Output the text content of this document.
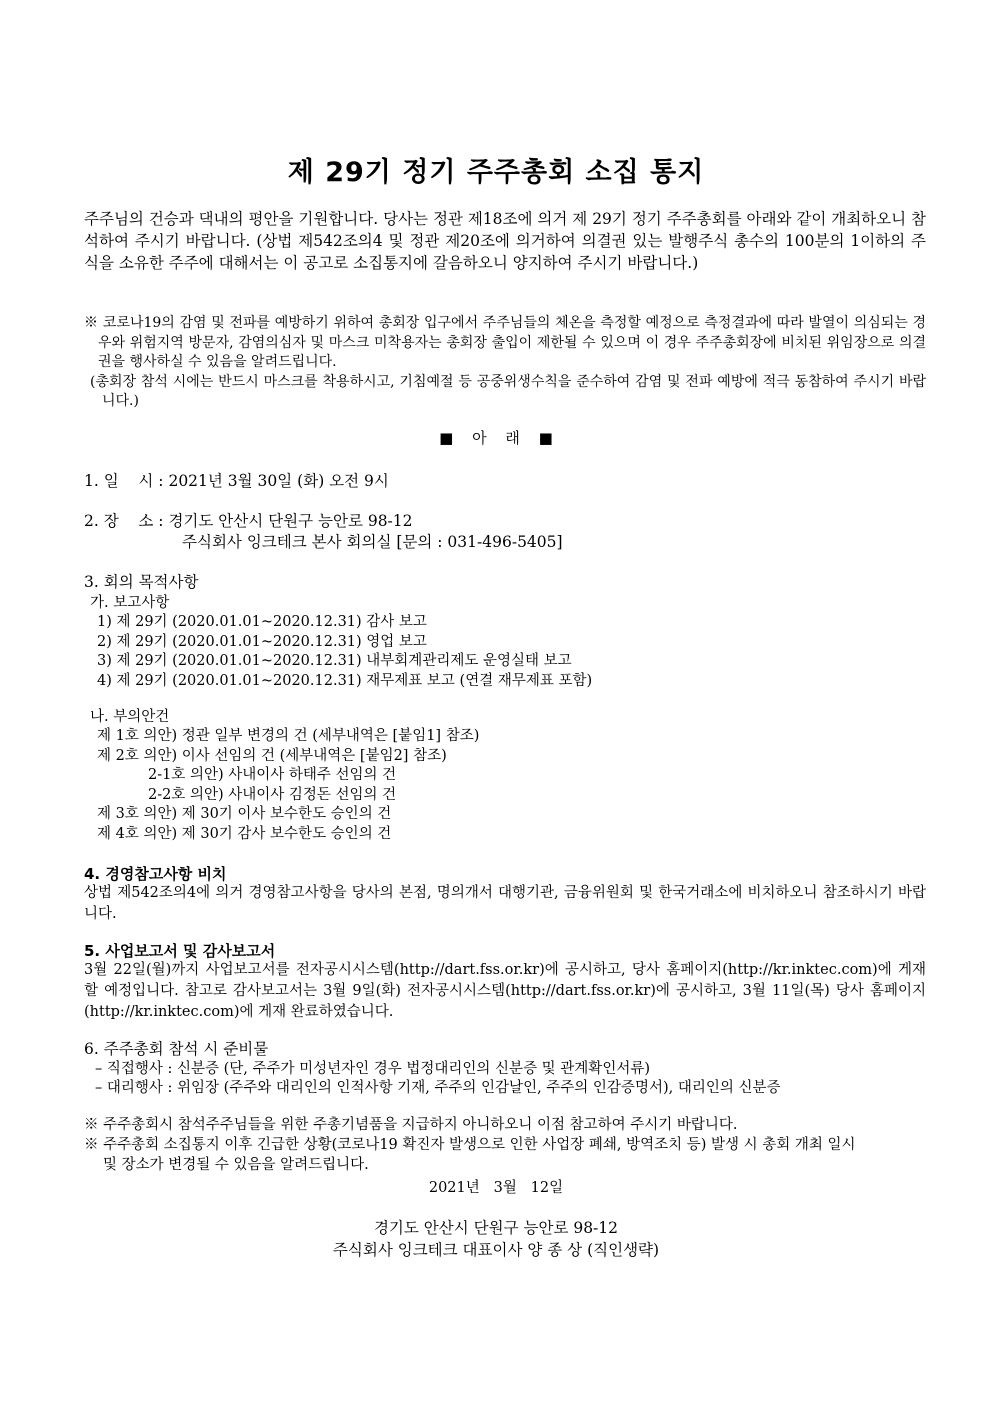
제 29기 정기 주주총회 소집 통지
주주님의 건승과 댁내의 평안을 기원합니다. 당사는 정관 제18조에 의거 제 29기 정기 주주총회를 아래와 같이 개최하오니 참석하여 주시기 바랍니다. (상법 제542조의4 및 정관 제20조에 의거하여 의결권 있는 발행주식 총수의 100분의 1이하의 주식을 소유한 주주에 대해서는 이 공고로 소집통지에 갈음하오니 양지하여 주시기 바랍니다.)
※ 코로나19의 감염 및 전파를 예방하기 위하여 총회장 입구에서 주주님들의 체온을 측정할 예정으로 측정결과에 따라 발열이 의심되는 경우와 위험지역 방문자, 감염의심자 및 마스크 미착용자는 총회장 출입이 제한될 수 있으며 이 경우 주주총회장에 비치된 위임장으로 의결권을 행사하실 수 있음을 알려드립니다.
(총회장 참석 시에는 반드시 마스크를 착용하시고, 기침예절 등 공중위생수칙을 준수하여 감염 및 전파 예방에 적극 동참하여 주시기 바랍니다.)
■ 아 래 ■
1. 일    시 : 2021년 3월 30일 (화) 오전 9시
2. 장    소 : 경기도 안산시 단원구 능안로 98-12
주식회사 잉크테크 본사 회의실 [문의 : 031-496-5405]
3. 회의 목적사항
가. 보고사항
1) 제 29기 (2020.01.01~2020.12.31) 감사 보고
2) 제 29기 (2020.01.01~2020.12.31) 영업 보고
3) 제 29기 (2020.01.01~2020.12.31) 내부회계관리제도 운영실태 보고
4) 제 29기 (2020.01.01~2020.12.31) 재무제표 보고 (연결 재무제표 포함)
나. 부의안건
제 1호 의안) 정관 일부 변경의 건 (세부내역은 [붙임1] 참조)
제 2호 의안) 이사 선임의 건 (세부내역은 [붙임2] 참조)
2-1호 의안) 사내이사 하태주 선임의 건
2-2호 의안) 사내이사 김정돈 선임의 건
제 3호 의안) 제 30기 이사 보수한도 승인의 건
제 4호 의안) 제 30기 감사 보수한도 승인의 건
4. 경영참고사항 비치
상법 제542조의4에 의거 경영참고사항을 당사의 본점, 명의개서 대행기관, 금융위원회 및 한국거래소에 비치하오니 참조하시기 바랍니다.
5. 사업보고서 및 감사보고서
3월 22일(월)까지 사업보고서를 전자공시시스템(http://dart.fss.or.kr)에 공시하고, 당사 홈페이지(http://kr.inktec.com)에 게재할 예정입니다. 참고로 감사보고서는 3월 9일(화) 전자공시시스템(http://dart.fss.or.kr)에 공시하고, 3월 11일(목) 당사 홈페이지(http://kr.inktec.com)에 게재 완료하였습니다.
6. 주주총회 참석 시 준비물
– 직접행사 : 신분증 (단, 주주가 미성년자인 경우 법정대리인의 신분증 및 관계확인서류)
– 대리행사 : 위임장 (주주와 대리인의 인적사항 기재, 주주의 인감날인, 주주의 인감증명서), 대리인의 신분증
※ 주주총회시 참석주주님들을 위한 주총기념품을 지급하지 아니하오니 이점 참고하여 주시기 바랍니다.
※ 주주총회 소집통지 이후 긴급한 상황(코로나19 확진자 발생으로 인한 사업장 폐쇄, 방역조치 등) 발생 시 총회 개최 일시
및 장소가 변경될 수 있음을 알려드립니다.
2021년   3월   12일
경기도 안산시 단원구 능안로 98-12
주식회사 잉크테크 대표이사 양 종 상 (직인생략)
